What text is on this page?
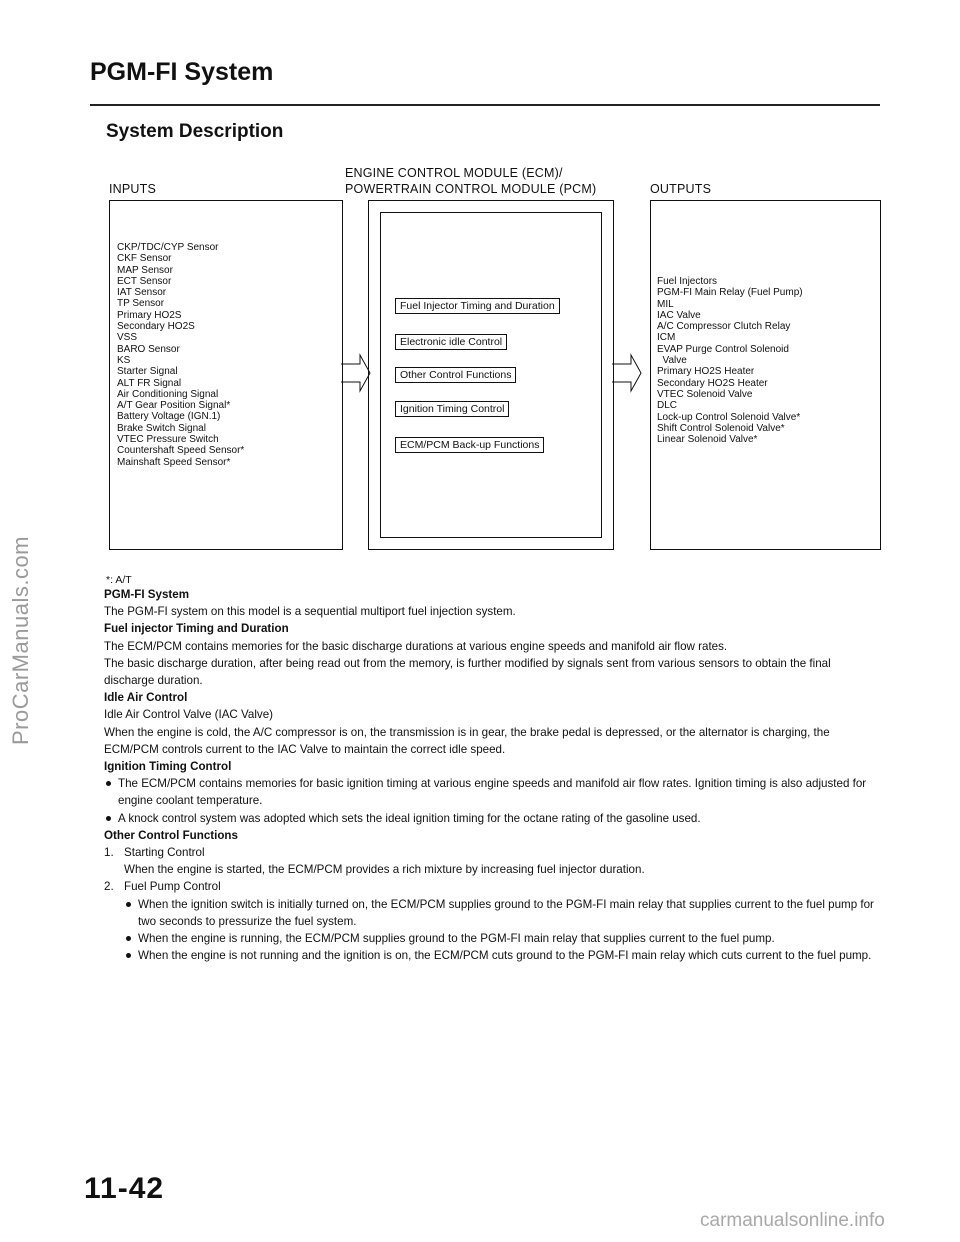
ProCarManuals.com
carmanualsonline.info
PGM-FI System
System Description
INPUTS
ENGINE CONTROL MODULE (ECM)/
POWERTRAIN CONTROL MODULE (PCM)	OUTPUTS
CKP/TDC/CYP Sensor
CKF Sensor
MAP Sensor
ECT Sensor
IAT Sensor
TP Sensor
Primary HO2S
Secondary HO2S
VSS
BARO Sensor
KS
Starter Signal
ALT FR Signal
Air Conditioning Signal
A/T Gear Position Signal*
Battery Voltage (IGN.1)
Brake Switch Signal
VTEC Pressure Switch
Countershaft Speed Sensor*
Mainshaft Speed Sensor*
Fuel Injector Timing and Duration
Electronic idle Control
Other Control Functions
Ignition Timing Control
ECM/PCM Back-up Functions
Fuel Injectors
PGM-FI Main Relay (Fuel Pump)
MIL
IAC Valve
A/C Compressor Clutch Relay
ICM
EVAP Purge Control Solenoid
Valve
Primary HO2S Heater
Secondary HO2S Heater
VTEC Solenoid Valve
DLC
Lock-up Control Solenoid Valve*
Shift Control Solenoid Valve*
Linear Solenoid Valve*
*: A/T

PGM-FI System

The PGM-FI system on this model is a sequential multiport fuel injection system.

Fuel injector Timing and Duration

The ECM/PCM contains memories for the basic discharge durations at various engine speeds and manifold air flow rates.

The basic discharge duration, after being read out from the memory, is further modified by signals sent from various sensors to obtain the final discharge duration.

Idle Air Control

Idle Air Control Valve (IAC Valve)

When the engine is cold, the A/C compressor is on, the transmission is in gear, the brake pedal is depressed, or the alternator is charging, the ECM/PCM controls current to the IAC Valve to maintain the correct idle speed.

Ignition Timing Control

The ECM/PCM contains memories for basic ignition timing at various engine speeds and manifold air flow rates. Ignition timing is also adjusted for engine coolant temperature.

A knock control system was adopted which sets the ideal ignition timing for the octane rating of the gasoline used.

Other Control Functions

1. Starting Control

When the engine is started, the ECM/PCM provides a rich mixture by increasing fuel injector duration.

2. Fuel Pump Control

When the ignition switch is initially turned on, the ECM/PCM supplies ground to the PGM-FI main relay that supplies current to the fuel pump for two seconds to pressurize the fuel system.

When the engine is running, the ECM/PCM supplies ground to the PGM-FI main relay that supplies current to the fuel pump.

When the engine is not running and the ignition is on, the ECM/PCM cuts ground to the PGM-FI main relay which cuts current to the fuel pump.

11-42
